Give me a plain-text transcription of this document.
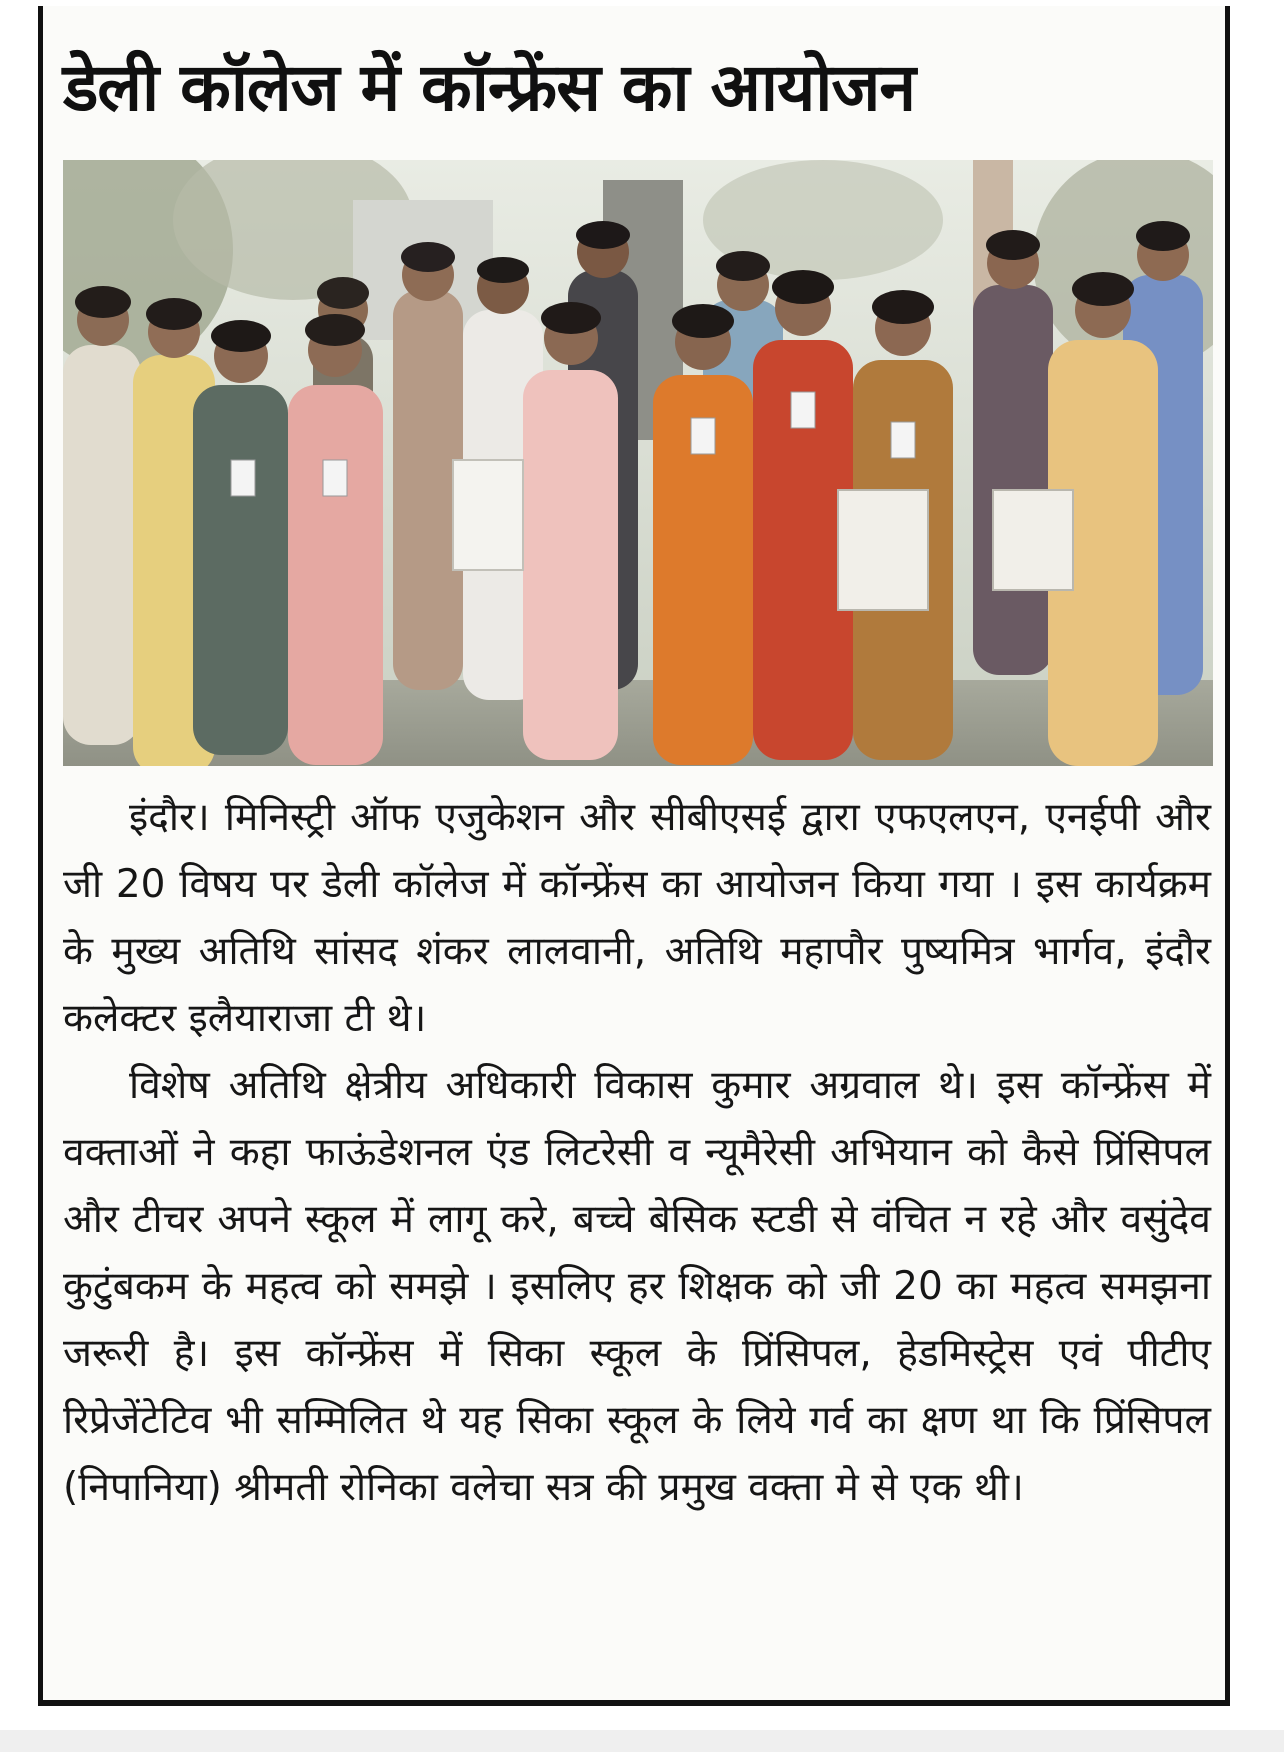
डेली कॉलेज में कॉन्फ्रेंस का आयोजन

इंदौर। मिनिस्ट्री ऑफ एजुकेशन और सीबीएसई द्वारा एफएलएन, एनईपी और जी 20 विषय पर डेली कॉलेज में कॉन्फ्रेंस का आयोजन किया गया । इस कार्यक्रम के मुख्य अतिथि सांसद शंकर लालवानी, अतिथि महापौर पुष्यमित्र भार्गव, इंदौर कलेक्टर इलैयाराजा टी थे।

विशेष अतिथि क्षेत्रीय अधिकारी विकास कुमार अग्रवाल थे। इस कॉन्फ्रेंस में वक्ताओं ने कहा फाऊंडेशनल एंड लिटरेसी व न्यूमैरेसी अभियान को कैसे प्रिंसिपल और टीचर अपने स्कूल में लागू करे, बच्चे बेसिक स्टडी से वंचित न रहे और वसुंदेव कुटुंबकम के महत्व को समझे । इसलिए हर शिक्षक को जी 20 का महत्व समझना जरूरी है। इस कॉन्फ्रेंस में सिका स्कूल के प्रिंसिपल, हेडमिस्ट्रेस एवं पीटीए रिप्रेजेंटेटिव भी सम्मिलित थे यह सिका स्कूल के लिये गर्व का क्षण था कि प्रिंसिपल (निपानिया) श्रीमती रोनिका वलेचा सत्र की प्रमुख वक्ता मे से एक थी।
